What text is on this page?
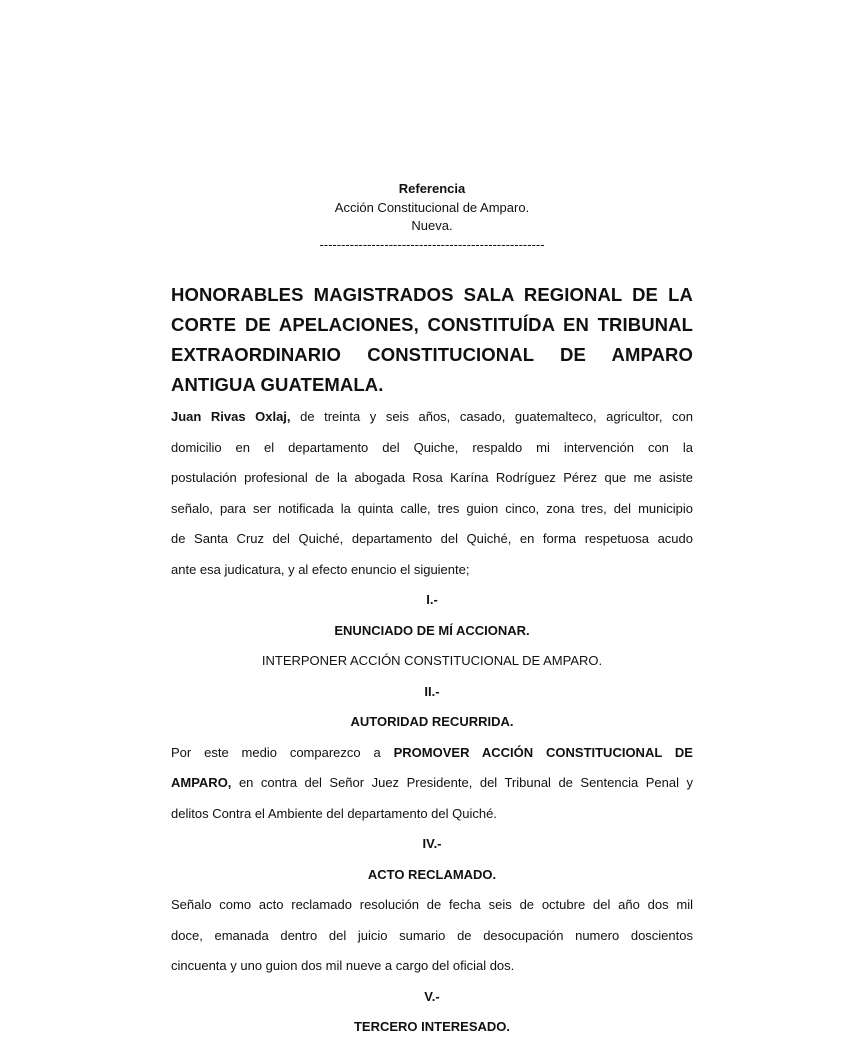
Referencia
Acción Constitucional de Amparo.
Nueva.
----------------------------------------------------
HONORABLES MAGISTRADOS SALA REGIONAL DE LA
CORTE DE APELACIONES, CONSTITUÍDA EN TRIBUNAL
EXTRAORDINARIO CONSTITUCIONAL DE AMPARO
ANTIGUA GUATEMALA.
Juan Rivas Oxlaj, de treinta y seis años, casado, guatemalteco, agricultor, con
domicilio en el departamento del Quiche, respaldo mi intervención con la
postulación profesional de la abogada Rosa Karína Rodríguez Pérez que me asiste
señalo, para ser notificada la quinta calle, tres guion cinco, zona tres, del municipio
de Santa Cruz del Quiché, departamento del Quiché, en forma respetuosa acudo
ante esa judicatura, y al efecto enuncio el siguiente;
I.-
ENUNCIADO DE MÍ ACCIONAR.
INTERPONER ACCIÓN CONSTITUCIONAL DE AMPARO.
II.-
AUTORIDAD RECURRIDA.
Por este medio comparezco a PROMOVER ACCIÓN CONSTITUCIONAL DE
AMPARO, en contra del Señor Juez Presidente, del Tribunal de Sentencia Penal y
delitos Contra el Ambiente del departamento del Quiché.
IV.-
ACTO RECLAMADO.
Señalo como acto reclamado resolución de fecha seis de octubre del año dos mil
doce, emanada dentro del juicio sumario de desocupación numero doscientos
cincuenta y uno guion dos mil nueve a cargo del oficial dos.
V.-
TERCERO INTERESADO.
